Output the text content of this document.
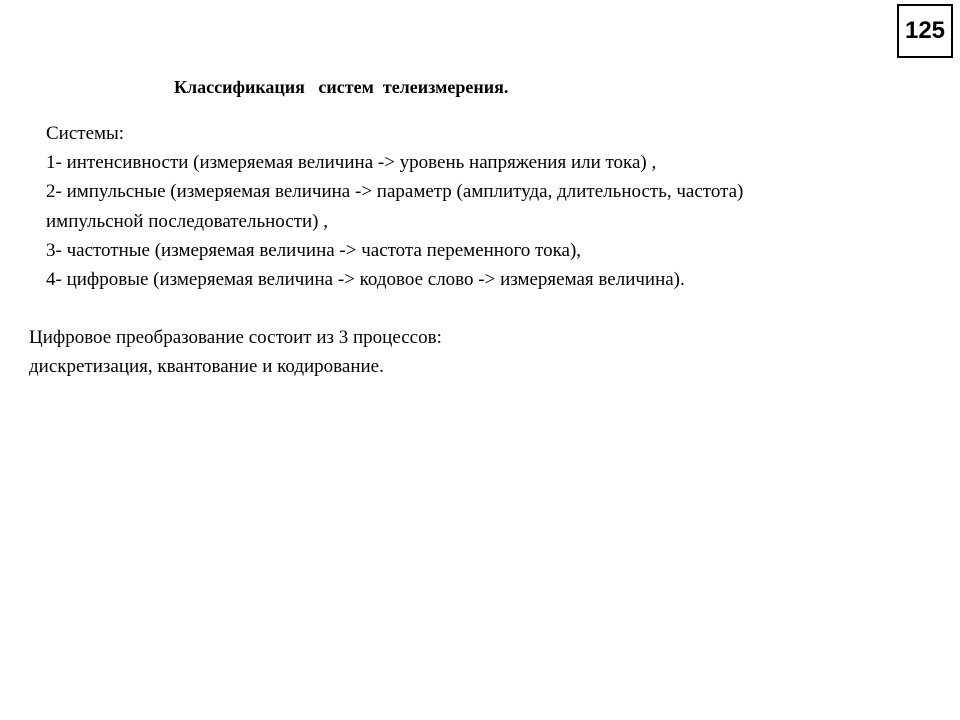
125
Классификация   систем  телеизмерения.
Системы:
1- интенсивности (измеряемая величина -> уровень напряжения или тока) ,
2- импульсные (измеряемая величина -> параметр (амплитуда, длительность, частота)
импульсной последовательности) ,
3- частотные (измеряемая величина -> частота переменного тока),
4- цифровые (измеряемая величина -> кодовое слово -> измеряемая величина).
Цифровое преобразование состоит из 3 процессов:
дискретизация, квантование и кодирование.
